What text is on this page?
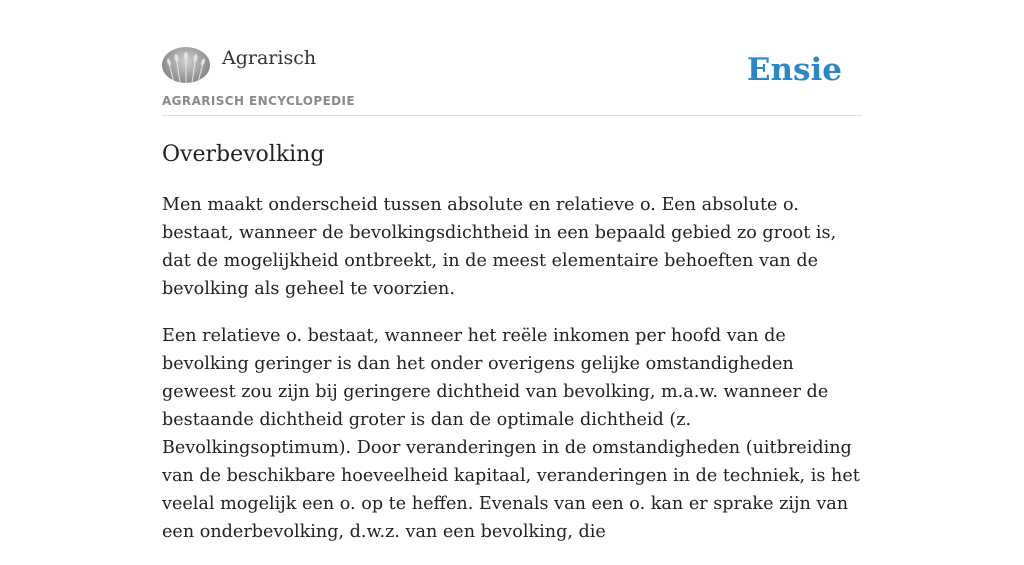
Agrarisch
AGRARISCH ENCYCLOPEDIE
Ensie
Overbevolking

Men maakt onderscheid tussen absolute en relatieve o. Een absolute o. bestaat, wanneer de bevolkingsdichtheid in een bepaald gebied zo groot is, dat de mogelijkheid ontbreekt, in de meest elementaire behoeften van de bevolking als geheel te voorzien.

Een relatieve o. bestaat, wanneer het reële inkomen per hoofd van de bevolking geringer is dan het onder overigens gelijke omstandigheden geweest zou zijn bij geringere dichtheid van bevolking, m.a.w. wanneer de bestaande dichtheid groter is dan de optimale dichtheid (z. Bevolkingsoptimum). Door veranderingen in de omstandigheden (uitbreiding van de beschikbare hoeveelheid kapitaal, veranderingen in de techniek, is het veelal mogelijk een o. op te heffen. Evenals van een o. kan er sprake zijn van een onderbevolking, d.w.z. van een bevolking, die
